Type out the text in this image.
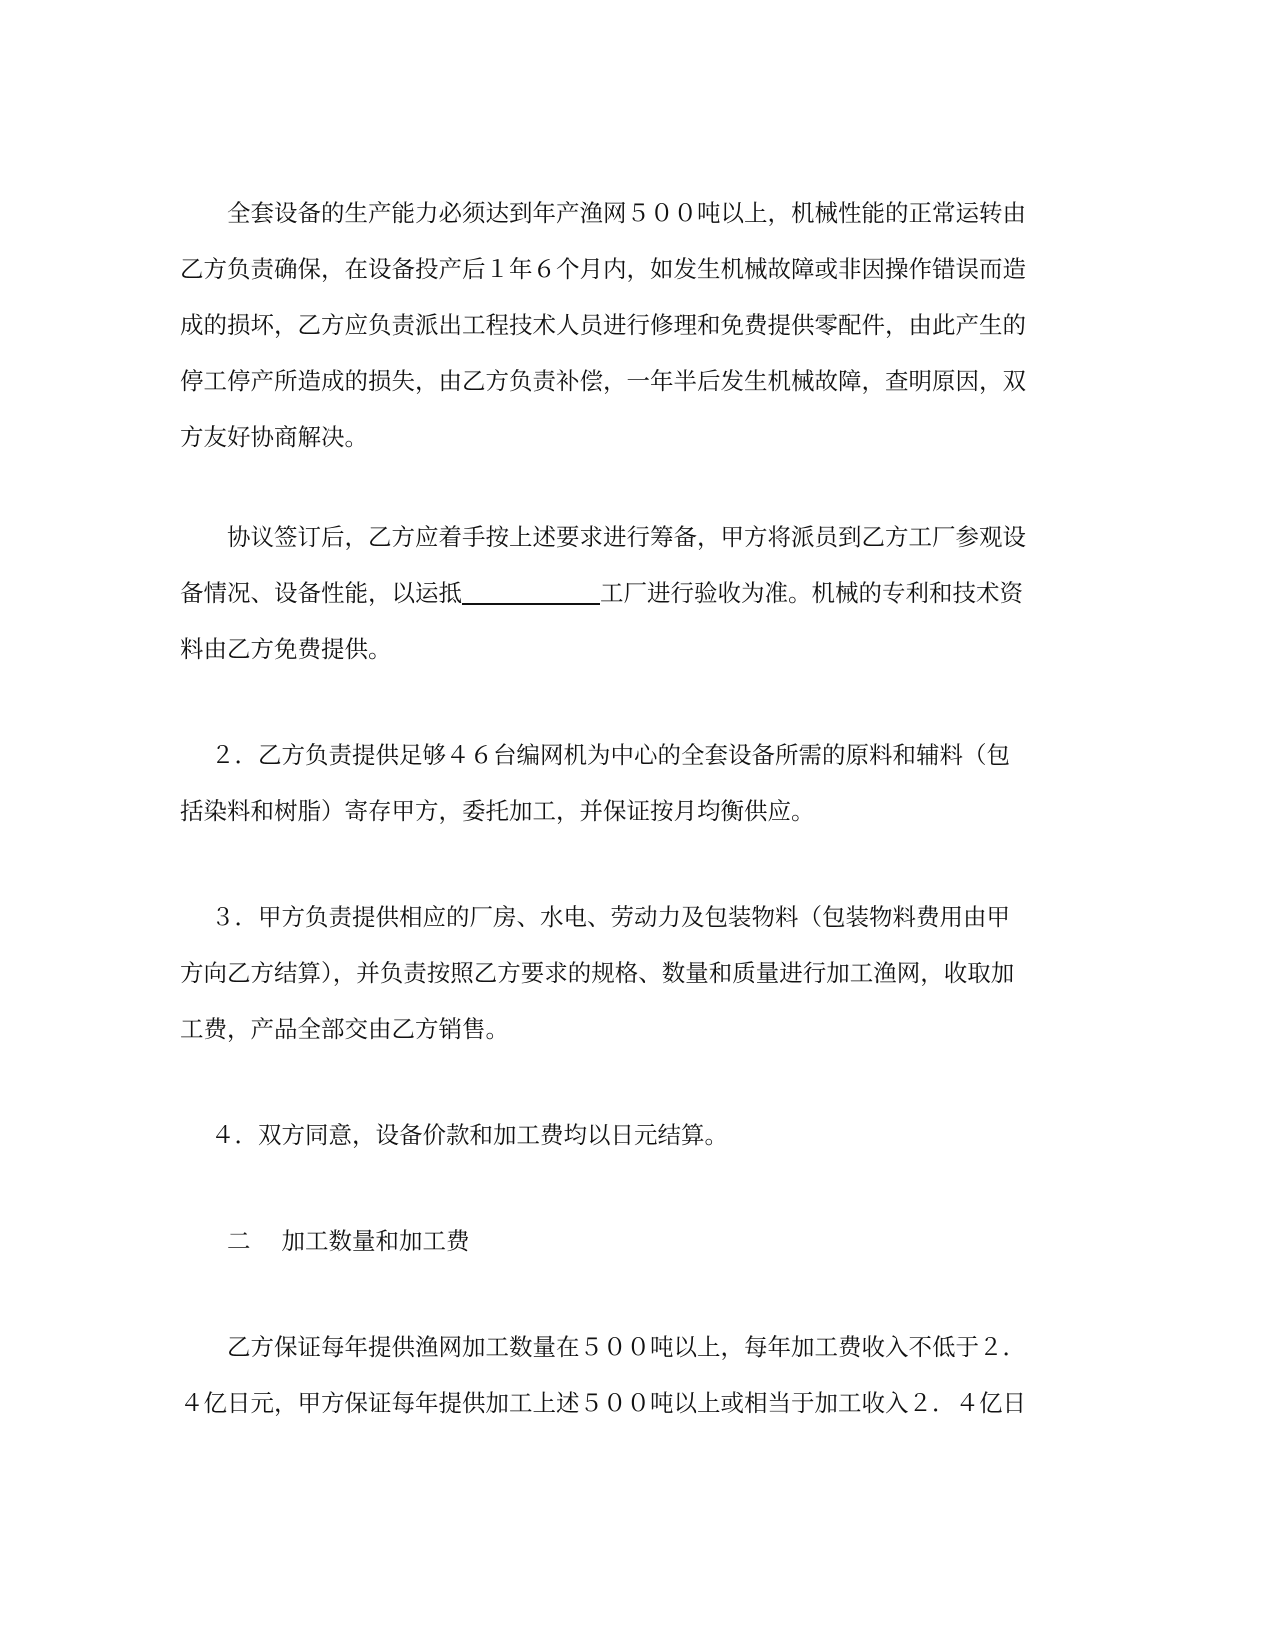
　　全套设备的生产能力必须达到年产渔网５００吨以上，机械性能的正常运转由
乙方负责确保，在设备投产后１年６个月内，如发生机械故障或非因操作错误而造
成的损坏，乙方应负责派出工程技术人员进行修理和免费提供零配件，由此产生的
停工停产所造成的损失，由乙方负责补偿，一年半后发生机械故障，查明原因，双
方友好协商解决。
　　协议签订后，乙方应着手按上述要求进行筹备，甲方将派员到乙方工厂参观设
备情况、设备性能，以运抵	工厂进行验收为准。机械的专利和技术资
料由乙方免费提供。
　 ２．乙方负责提供足够４６台编网机为中心的全套设备所需的原料和辅料（包
括染料和树脂）寄存甲方，委托加工，并保证按月均衡供应。
　 ３．甲方负责提供相应的厂房、水电、劳动力及包装物料（包装物料费用由甲
方向乙方结算），并负责按照乙方要求的规格、数量和质量进行加工渔网，收取加
工费，产品全部交由乙方销售。
　 ４．双方同意，设备价款和加工费均以日元结算。
　　二　 加工数量和加工费
　　乙方保证每年提供渔网加工数量在５００吨以上，每年加工费收入不低于２．
４亿日元，甲方保证每年提供加工上述５００吨以上或相当于加工收入２．４亿日
